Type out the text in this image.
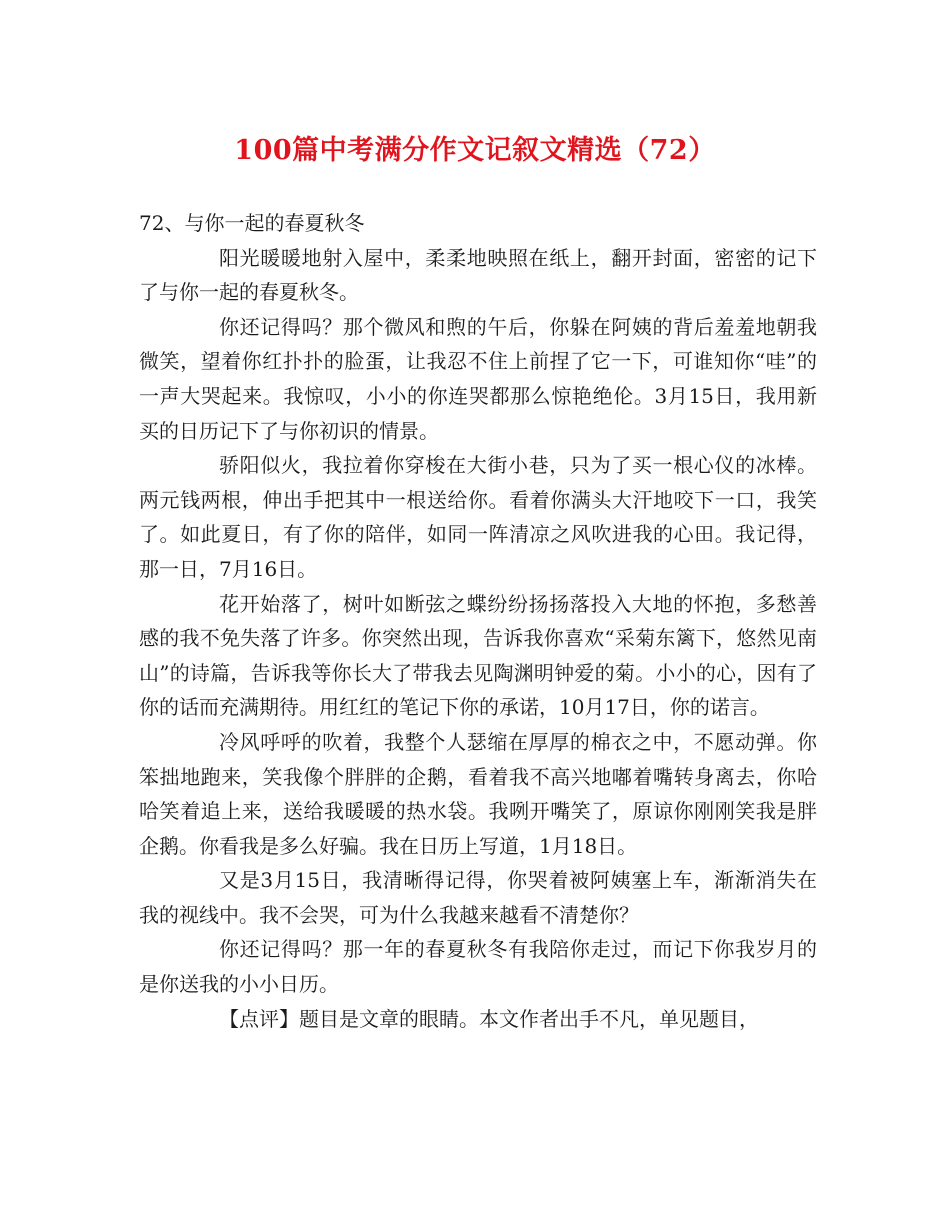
100篇中考满分作文记叙文精选（72）

72、与你一起的春夏秋冬

阳光暖暖地射入屋中，柔柔地映照在纸上，翻开封面，密密的记下了与你一起的春夏秋冬。

你还记得吗？那个微风和煦的午后，你躲在阿姨的背后羞羞地朝我微笑，望着你红扑扑的脸蛋，让我忍不住上前捏了它一下，可谁知你“哇”的一声大哭起来。我惊叹，小小的你连哭都那么惊艳绝伦。3月15日，我用新买的日历记下了与你初识的情景。

骄阳似火，我拉着你穿梭在大街小巷，只为了买一根心仪的冰棒。两元钱两根，伸出手把其中一根送给你。看着你满头大汗地咬下一口，我笑了。如此夏日，有了你的陪伴，如同一阵清凉之风吹进我的心田。我记得，那一日，7月16日。

花开始落了，树叶如断弦之蝶纷纷扬扬落投入大地的怀抱，多愁善感的我不免失落了许多。你突然出现，告诉我你喜欢“采菊东篱下，悠然见南山”的诗篇，告诉我等你长大了带我去见陶渊明钟爱的菊。小小的心，因有了你的话而充满期待。用红红的笔记下你的承诺，10月17日，你的诺言。

冷风呼呼的吹着，我整个人瑟缩在厚厚的棉衣之中，不愿动弹。你笨拙地跑来，笑我像个胖胖的企鹅，看着我不高兴地嘟着嘴转身离去，你哈哈笑着追上来，送给我暖暖的热水袋。我咧开嘴笑了，原谅你刚刚笑我是胖企鹅。你看我是多么好骗。我在日历上写道，1月18日。

又是3月15日，我清晰得记得，你哭着被阿姨塞上车，渐渐消失在我的视线中。我不会哭，可为什么我越来越看不清楚你？

你还记得吗？那一年的春夏秋冬有我陪你走过，而记下你我岁月的是你送我的小小日历。

【点评】题目是文章的眼睛。本文作者出手不凡，单见题目，
